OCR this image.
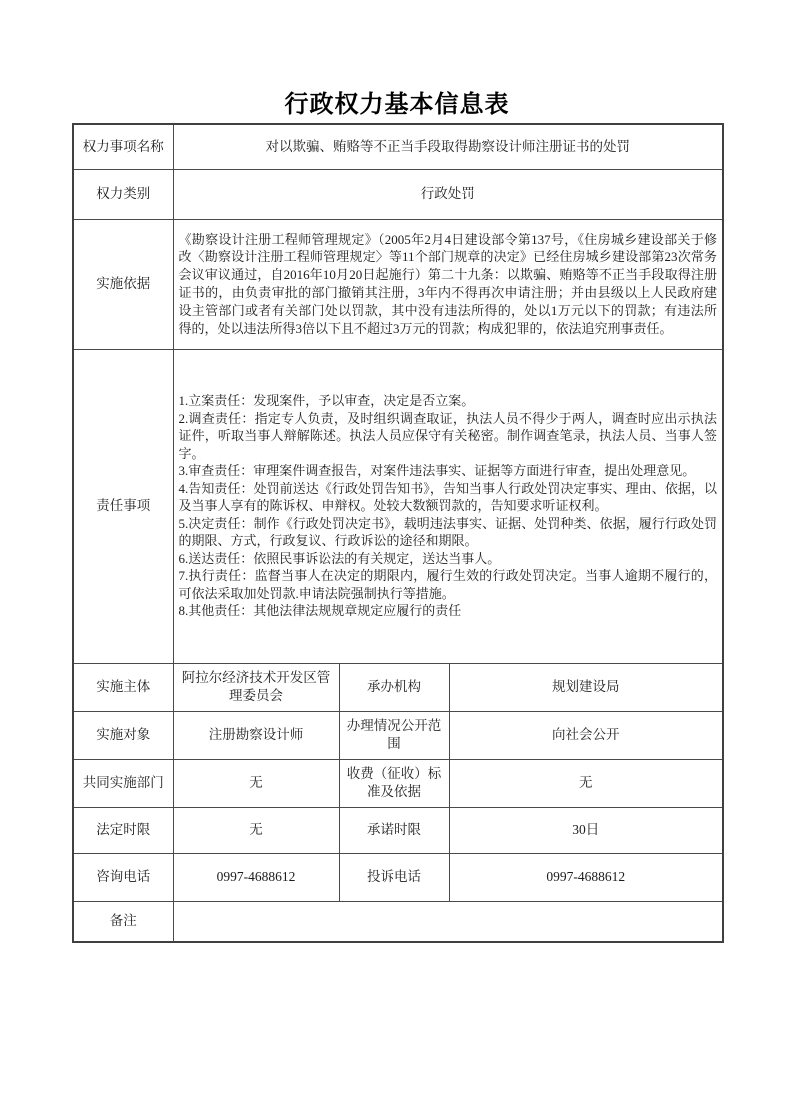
行政权力基本信息表
权力事项名称	对以欺骗、贿赂等不正当手段取得勘察设计师注册证书的处罚		
权力类别	行政处罚		
实施依据	《勘察设计注册工程师管理规定》（2005年2月4日建设部令第137号，《住房城乡建设部关于修改〈勘察设计注册工程师管理规定〉等11个部门规章的决定》已经住房城乡建设部第23次常务会议审议通过，自2016年10月20日起施行）第二十九条：以欺骗、贿赂等不正当手段取得注册证书的，由负责审批的部门撤销其注册，3年内不得再次申请注册；并由县级以上人民政府建设主管部门或者有关部门处以罚款，其中没有违法所得的，处以1万元以下的罚款；有违法所得的，处以违法所得3倍以下且不超过3万元的罚款；构成犯罪的，依法追究刑事责任。		

责任事项	
1.立案责任：发现案件，予以审查，决定是否立案。
2.调查责任：指定专人负责，及时组织调查取证，执法人员不得少于两人，调查时应出示执法证件，听取当事人辩解陈述。执法人员应保守有关秘密。制作调查笔录，执法人员、当事人签字。
3.审查责任：审理案件调查报告，对案件违法事实、证据等方面进行审查，提出处理意见。
4.告知责任：处罚前送达《行政处罚告知书》，告知当事人行政处罚决定事实、理由、依据，以及当事人享有的陈诉权、申辩权。处较大数额罚款的，告知要求听证权利。
5.决定责任：制作《行政处罚决定书》，载明违法事实、证据、处罚种类、依据，履行行政处罚的期限、方式，行政复议、行政诉讼的途径和期限。
6.送达责任：依照民事诉讼法的有关规定，送达当事人。
7.执行责任：监督当事人在决定的期限内，履行生效的行政处罚决定。当事人逾期不履行的，可依法采取加处罚款.申请法院强制执行等措施。
8.其他责任：其他法律法规规章规定应履行的责任

实施主体	阿拉尔经济技术开发区管理委员会	承办机构	规划建设局
实施对象	注册勘察设计师	办理情况公开范围	向社会公开
共同实施部门	无	收费（征收）标准及依据	无
法定时限	无	承诺时限	30日
咨询电话	0997-4688612	投诉电话	0997-4688612
备注			
